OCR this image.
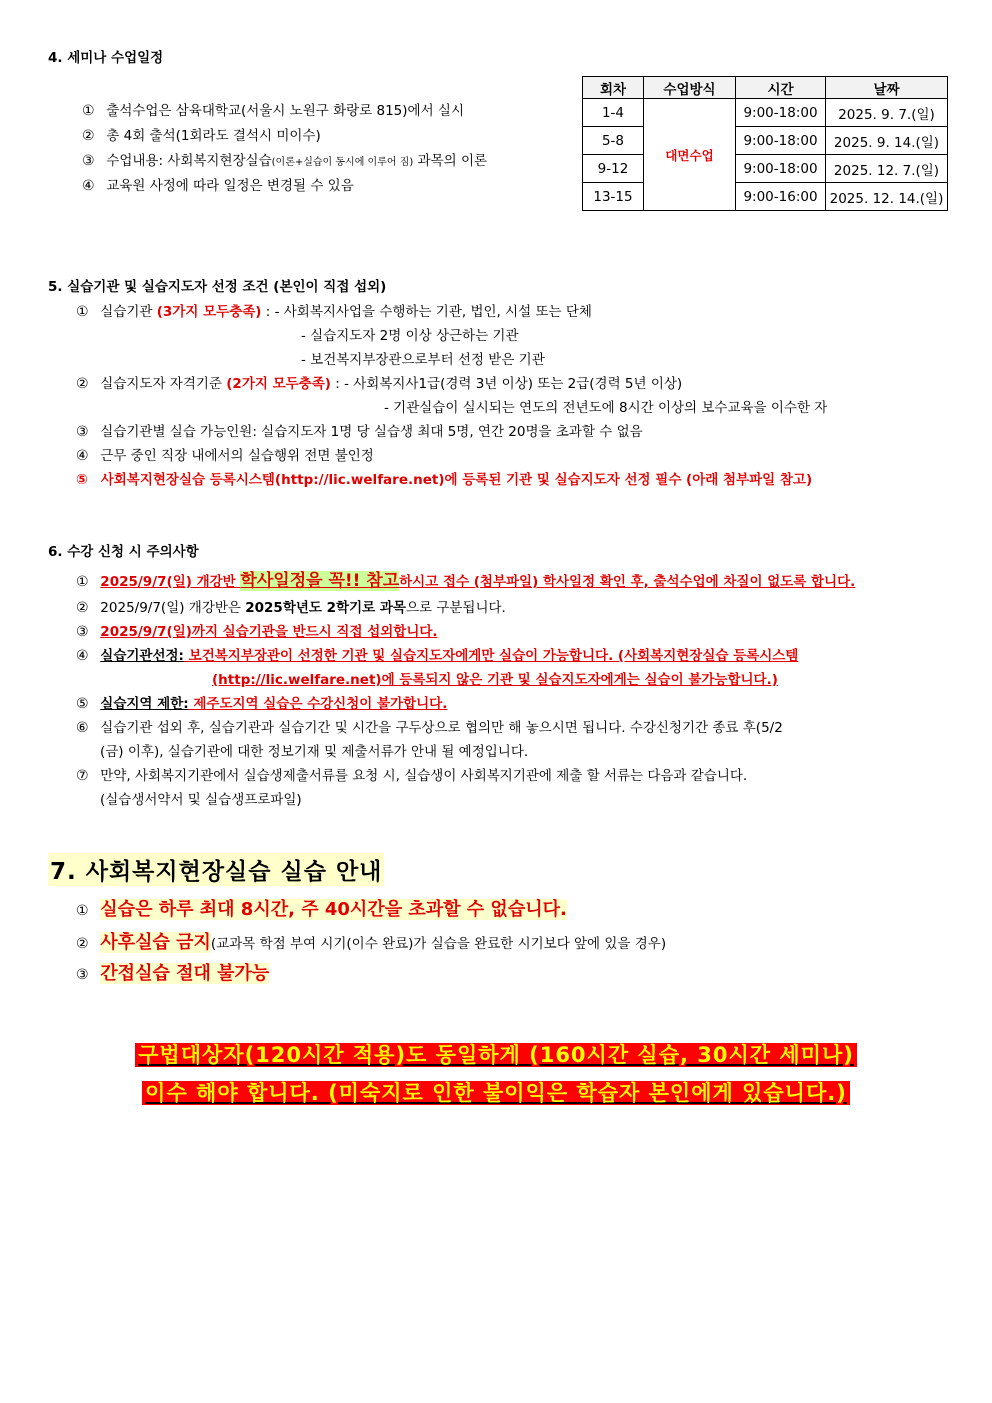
4. 세미나 수업일정
① 출석수업은 삼육대학교(서울시 노원구 화랑로 815)에서 실시
② 총 4회 출석(1회라도 결석시 미이수)
③ 수업내용: 사회복지현장실습(이론+실습이 동시에 이루어 짐) 과목의 이론
④ 교육원 사정에 따라 일정은 변경될 수 있음
회차	수업방식	시간	날짜
1-4	대면수업	9:00-18:00	2025. 9. 7.(일)
5-8		9:00-18:00	2025. 9. 14.(일)
9-12		9:00-18:00	2025. 12. 7.(일)
13-15		9:00-16:00	2025. 12. 14.(일)
5. 실습기관 및 실습지도자 선정 조건 (본인이 직접 섭외)
① 실습기관 (3가지 모두충족) : - 사회복지사업을 수행하는 기관, 법인, 시설 또는 단체
- 실습지도자 2명 이상 상근하는 기관
- 보건복지부장관으로부터 선정 받은 기관
② 실습지도자 자격기준 (2가지 모두충족) : - 사회복지사1급(경력 3년 이상) 또는 2급(경력 5년 이상)
- 기관실습이 실시되는 연도의 전년도에 8시간 이상의 보수교육을 이수한 자
③ 실습기관별 실습 가능인원: 실습지도자 1명 당 실습생 최대 5명, 연간 20명을 초과할 수 없음
④ 근무 중인 직장 내에서의 실습행위 전면 불인정
⑤ 사회복지현장실습 등록시스템(http://lic.welfare.net)에 등록된 기관 및 실습지도자 선정 필수 (아래 첨부파일 참고)
6. 수강 신청 시 주의사항
① 2025/9/7(일) 개강반 학사일정을 꼭!! 참고하시고 접수 (첨부파일) 학사일정 확인 후, 출석수업에 차질이 없도록 합니다.
② 2025/9/7(일) 개강반은 2025학년도 2학기로 과목으로 구분됩니다.
③ 2025/9/7(일)까지 실습기관을 반드시 직접 섭외합니다.
④ 실습기관선정: 보건복지부장관이 선정한 기관 및 실습지도자에게만 실습이 가능합니다. (사회복지현장실습 등록시스템
(http://lic.welfare.net)에 등록되지 않은 기관 및 실습지도자에게는 실습이 불가능합니다.)
⑤ 실습지역 제한: 제주도지역 실습은 수강신청이 불가합니다.
⑥ 실습기관 섭외 후, 실습기관과 실습기간 및 시간을 구두상으로 협의만 해 놓으시면 됩니다. 수강신청기간 종료 후(5/2
(금) 이후), 실습기관에 대한 정보기재 및 제출서류가 안내 될 예정입니다.
⑦ 만약, 사회복지기관에서 실습생제출서류를 요청 시, 실습생이 사회복지기관에 제출 할 서류는 다음과 같습니다.
(실습생서약서 및 실습생프로파일)
7. 사회복지현장실습 실습 안내
① 실습은 하루 최대 8시간, 주 40시간을 초과할 수 없습니다.
② 사후실습 금지(교과목 학점 부여 시기(이수 완료)가 실습을 완료한 시기보다 앞에 있을 경우)
③ 간접실습 절대 불가능
구법대상자(120시간 적용)도 동일하게 (160시간 실습, 30시간 세미나)
이수 해야 합니다. (미숙지로 인한 불이익은 학습자 본인에게 있습니다.)
